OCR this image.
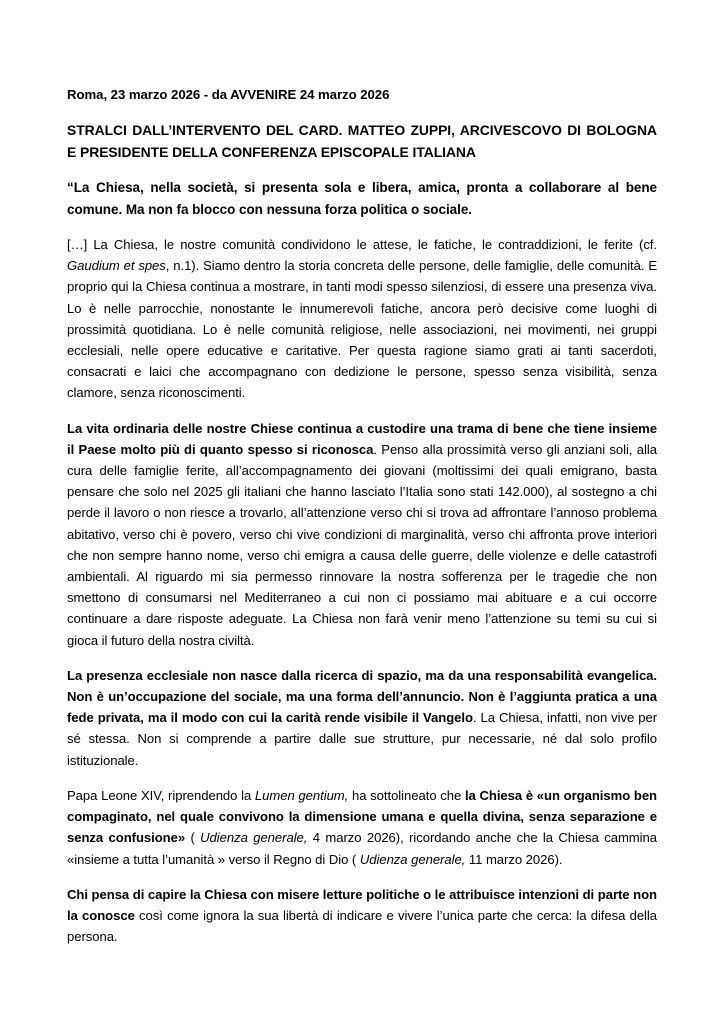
Roma, 23 marzo 2026 - da AVVENIRE 24 marzo 2026

STRALCI DALL’INTERVENTO DEL CARD. MATTEO ZUPPI, ARCIVESCOVO DI BOLOGNA E PRESIDENTE DELLA CONFERENZA EPISCOPALE ITALIANA

“La Chiesa, nella società, si presenta sola e libera, amica, pronta a collaborare al bene comune. Ma non fa blocco con nessuna forza politica o sociale.

[…] La Chiesa, le nostre comunità condividono le attese, le fatiche, le contraddizioni, le ferite (cf. Gaudium et spes, n.1). Siamo dentro la storia concreta delle persone, delle famiglie, delle comunità. E proprio qui la Chiesa continua a mostrare, in tanti modi spesso silenziosi, di essere una presenza viva. Lo è nelle parrocchie, nonostante le innumerevoli fatiche, ancora però decisive come luoghi di prossimità quotidiana. Lo è nelle comunità religiose, nelle associazioni, nei movimenti, nei gruppi ecclesiali, nelle opere educative e caritative. Per questa ragione siamo grati ai tanti sacerdoti, consacrati e laici che accompagnano con dedizione le persone, spesso senza visibilità, senza clamore, senza riconoscimenti.

La vita ordinaria delle nostre Chiese continua a custodire una trama di bene che tiene insieme il Paese molto più di quanto spesso si riconosca. Penso alla prossimità verso gli anziani soli, alla cura delle famiglie ferite, all’accompagnamento dei giovani (moltissimi dei quali emigrano, basta pensare che solo nel 2025 gli italiani che hanno lasciato l’Italia sono stati 142.000), al sostegno a chi perde il lavoro o non riesce a trovarlo, all’attenzione verso chi si trova ad affrontare l’annoso problema abitativo, verso chi è povero, verso chi vive condizioni di marginalità, verso chi affronta prove interiori che non sempre hanno nome, verso chi emigra a causa delle guerre, delle violenze e delle catastrofi ambientali. Al riguardo mi sia permesso rinnovare la nostra sofferenza per le tragedie che non smettono di consumarsi nel Mediterraneo a cui non ci possiamo mai abituare e a cui occorre continuare a dare risposte adeguate. La Chiesa non farà venir meno l’attenzione su temi su cui si gioca il futuro della nostra civiltà.

La presenza ecclesiale non nasce dalla ricerca di spazio, ma da una responsabilità evangelica. Non è un’occupazione del sociale, ma una forma dell’annuncio. Non è l’aggiunta pratica a una fede privata, ma il modo con cui la carità rende visibile il Vangelo. La Chiesa, infatti, non vive per sé stessa. Non si comprende a partire dalle sue strutture, pur necessarie, né dal solo profilo istituzionale.

Papa Leone XIV, riprendendo la Lumen gentium, ha sottolineato che la Chiesa è «un organismo ben compaginato, nel quale convivono la dimensione umana e quella divina, senza separazione e senza confusione» ( Udienza generale, 4 marzo 2026), ricordando anche che la Chiesa cammina «insieme a tutta l’umanità » verso il Regno di Dio ( Udienza generale, 11 marzo 2026).

Chi pensa di capire la Chiesa con misere letture politiche o le attribuisce intenzioni di parte non la conosce così come ignora la sua libertà di indicare e vivere l’unica parte che cerca: la difesa della persona.
